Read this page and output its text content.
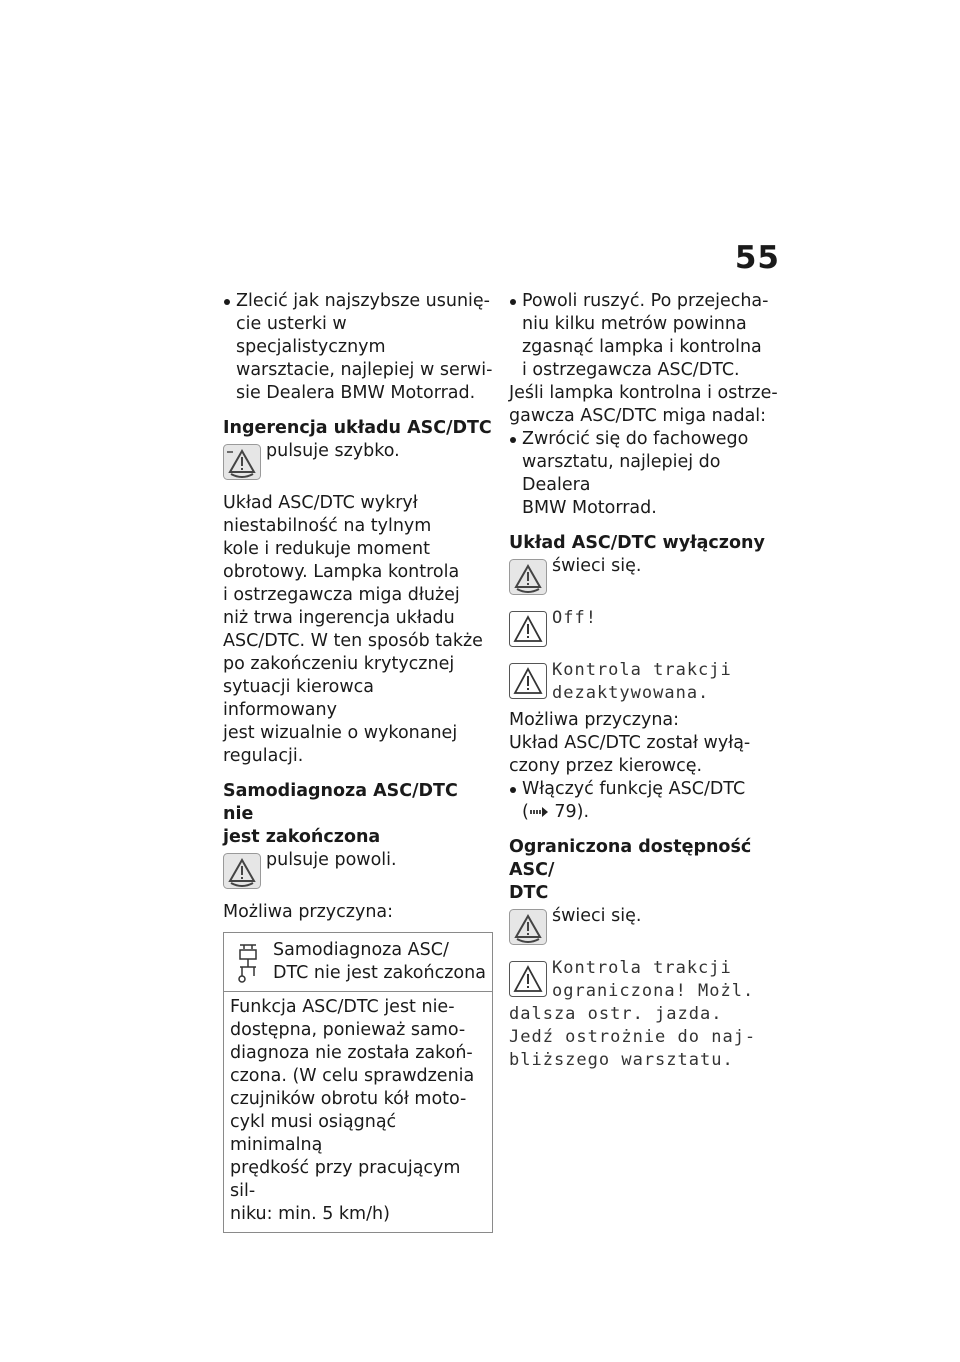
55
Zlecić jak najszybsze usunię-
cie usterki w specjalistycznym
warsztacie, najlepiej w serwi-
sie Dealera BMW Motorrad.
Ingerencja układu ASC/DTC
pulsuje szybko.

Układ ASC/DTC wykrył

niestabilność na tylnym

kole i redukuje moment

obrotowy. Lampka kontrola

i ostrzegawcza miga dłużej

niż trwa ingerencja układu

ASC/DTC. W ten sposób także

po zakończeniu krytycznej

sytuacji kierowca informowany

jest wizualnie o wykonanej

regulacji.

Samodiagnoza ASC/DTC nie
jest zakończona
pulsuje powoli.

Możliwa przyczyna:

Samodiagnoza ASC/
DTC nie jest zakończona

Funkcja ASC/DTC jest nie-

dostępna, ponieważ samo-

diagnoza nie została zakoń-

czona. (W celu sprawdzenia

czujników obrotu kół moto-

cykl musi osiągnąć minimalną

prędkość przy pracującym sil-

niku: min. 5 km/h)

Powoli ruszyć. Po przejecha-
niu kilku metrów powinna
zgasnąć lampka i kontrolna
i ostrzegawcza ASC/DTC.

Jeśli lampka kontrolna i ostrze-

gawcza ASC/DTC miga nadal:

Zwrócić się do fachowego
warsztatu, najlepiej do Dealera
BMW Motorrad.
Układ ASC/DTC wyłączony
świeci się.
Off!
Kontrola trakcji
dezaktywowana.

Możliwa przyczyna:

Układ ASC/DTC został wyłą-

czony przez kierowcę.

Włączyć funkcję ASC/DTC
( 79).
Ograniczona dostępność ASC/
DTC
świeci się.
Kontrola trakcji
ograniczona! Możl.
dalsza ostr. jazda.
Jedź ostrożnie do naj-
bliższego warsztatu.
